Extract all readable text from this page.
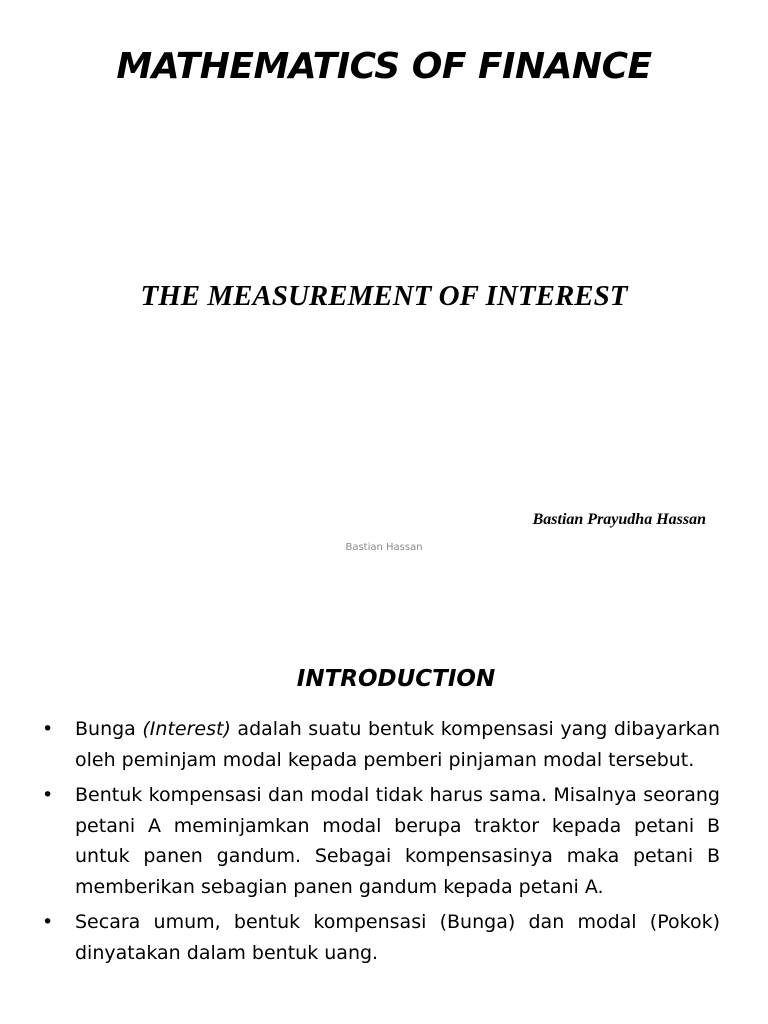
MATHEMATICS OF FINANCE
THE MEASUREMENT OF INTEREST
Bastian Prayudha Hassan
Bastian Hassan
INTRODUCTION
• Bunga (Interest) adalah suatu bentuk kompensasi yang dibayarkan oleh peminjam modal kepada pemberi pinjaman modal tersebut.
• Bentuk kompensasi dan modal tidak harus sama. Misalnya seorang petani A meminjamkan modal berupa traktor kepada petani B untuk panen gandum. Sebagai kompensasinya maka petani B memberikan sebagian panen gandum kepada petani A.
• Secara umum, bentuk kompensasi (Bunga) dan modal (Pokok) dinyatakan dalam bentuk uang.
